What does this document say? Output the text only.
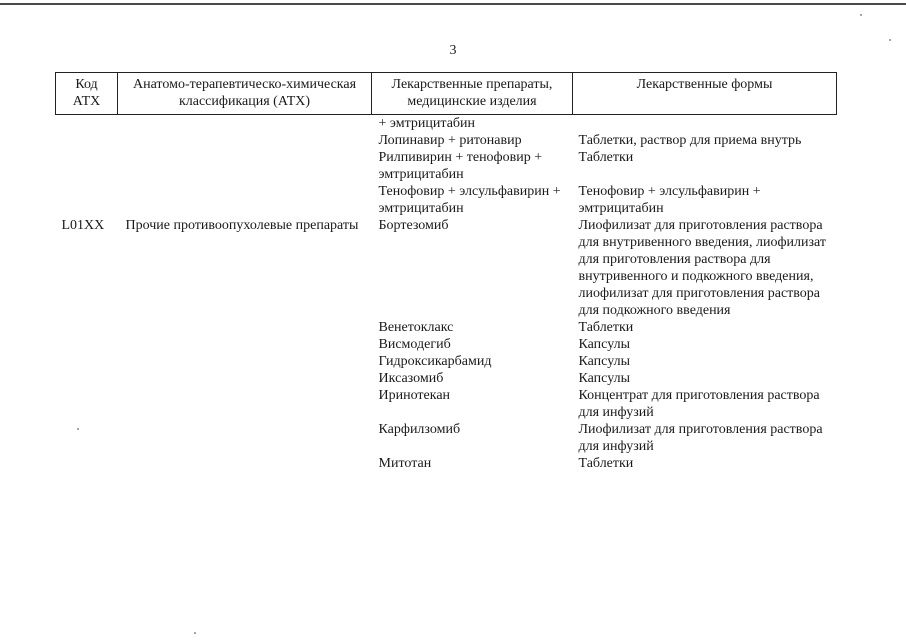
3
Код АТХ	Анатомо-терапевтическо-химическая классификация (АТХ)	Лекарственные препараты, медицинские изделия	Лекарственные формы
		+ эмтрицитабин	
		Лопинавир + ритонавир	Таблетки, раствор для приема внутрь
		Рилпивирин + тенофовир + эмтрицитабин	Таблетки
		Тенофовир + элсульфавирин + эмтрицитабин	Тенофовир + элсульфавирин + эмтрицитабин
L01XX	Прочие противоопухолевые препараты	Бортезомиб	Лиофилизат для приготовления раствора для внутривенного введения, лиофилизат для приготовления раствора для внутривенного и подкожного введения, лиофилизат для приготовления раствора для подкожного введения
		Венетоклакс	Таблетки
		Висмодегиб	Капсулы
		Гидроксикарбамид	Капсулы
		Иксазомиб	Капсулы
		Иринотекан	Концентрат для приготовления раствора для инфузий
		Карфилзомиб	Лиофилизат для приготовления раствора для инфузий
		Митотан	Таблетки
